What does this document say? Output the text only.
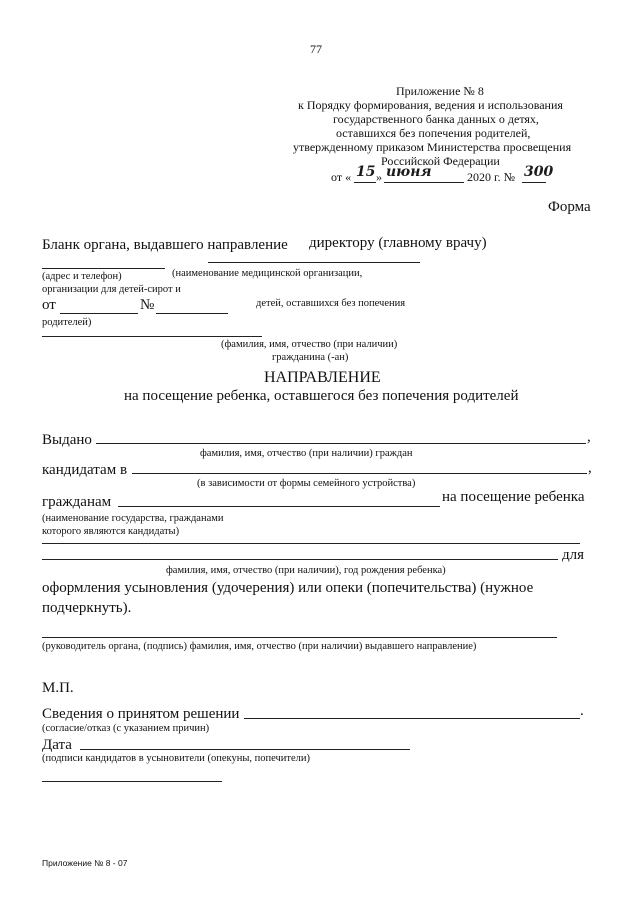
77
Приложение № 8
к Порядку формирования, ведения и использования
государственного банка данных о детях,
оставшихся без попечения родителей,
утвержденному приказом Министерства просвещения
Российской Федерации
от « 15 » июня	2020 г. № 300
Форма
Бланк органа, выдавшего направление директору (главному врачу)
(адрес и телефон)	(наименование медицинской организации,
организации для детей-сирот и
от	№	детей, оставшихся без попечения
родителей)
(фамилия, имя, отчество (при наличии)
гражданина (-ан)
НАПРАВЛЕНИЕ
на посещение ребенка, оставшегося без попечения родителей
Выдано	,
фамилия, имя, отчество (при наличии) граждан
кандидатам в	,
(в зависимости от формы семейного устройства)
гражданам	на посещение ребенка
(наименование государства, гражданами
которого являются кандидаты)
для
фамилия, имя, отчество (при наличии), год рождения ребенка)
оформления усыновления (удочерения) или опеки (попечительства) (нужное
подчеркнуть).
(руководитель органа, (подпись) фамилия, имя, отчество (при наличии) выдавшего направление)
М.П.
Сведения о принятом решении	.
(согласие/отказ (с указанием причин)
Дата
(подписи кандидатов в усыновители (опекуны, попечители)
Приложение № 8 - 07
